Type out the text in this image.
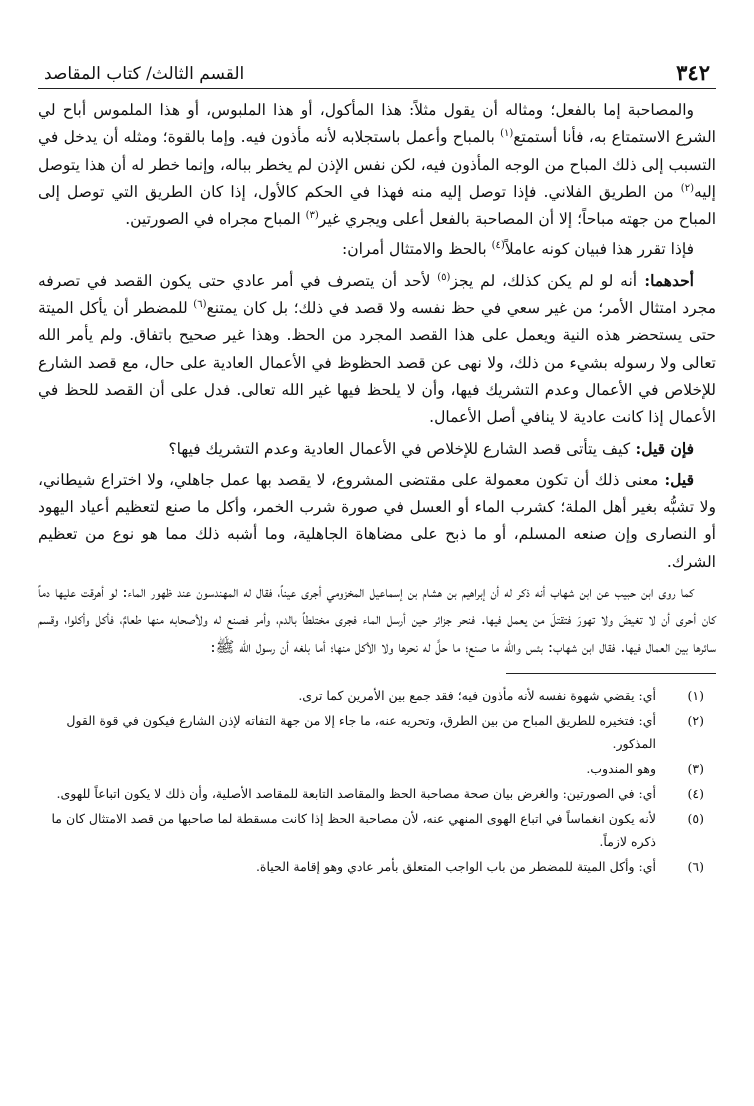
٣٤٢
القسم الثالث/ كتاب المقاصد

والمصاحبة إما بالفعل؛ ومثاله أن يقول مثلاً: هذا المأكول، أو هذا الملبوس، أو هذا الملموس أباح لي الشرع الاستمتاع به، فأنا أستمتع$^{(١)}$ بالمباح وأعمل باستجلابه لأنه مأذون فيه. وإما بالقوة؛ ومثله أن يدخل في التسبب إلى ذلك المباح من الوجه المأذون فيه، لكن نفس الإذن لم يخطر بباله، وإنما خطر له أن هذا يتوصل إليه$^{(٢)}$ من الطريق الفلاني. فإذا توصل إليه منه فهذا في الحكم كالأول، إذا كان الطريق التي توصل إلى المباح من جهته مباحاً؛ إلا أن المصاحبة بالفعل أعلى ويجري غير$^{(٣)}$ المباح مجراه في الصورتين.

فإذا تقرر هذا فبيان كونه عاملاً$^{(٤)}$ بالحظ والامتثال أمران:

أحدهما: أنه لو لم يكن كذلك، لم يجز$^{(٥)}$ لأحد أن يتصرف في أمر عادي حتى يكون القصد في تصرفه مجرد امتثال الأمر؛ من غير سعي في حظ نفسه ولا قصد في ذلك؛ بل كان يمتنع$^{(٦)}$ للمضطر أن يأكل الميتة حتى يستحضر هذه النية ويعمل على هذا القصد المجرد من الحظ. وهذا غير صحيح باتفاق. ولم يأمر الله تعالى ولا رسوله بشيء من ذلك، ولا نهى عن قصد الحظوظ في الأعمال العادية على حال، مع قصد الشارع للإخلاص في الأعمال وعدم التشريك فيها، وأن لا يلحظ فيها غير الله تعالى. فدل على أن القصد للحظ في الأعمال إذا كانت عادية لا ينافي أصل الأعمال.

فإن قيل: كيف يتأتى قصد الشارع للإخلاص في الأعمال العادية وعدم التشريك فيها؟

قيل: معنى ذلك أن تكون معمولة على مقتضى المشروع، لا يقصد بها عمل جاهلي، ولا اختراع شيطاني، ولا تشبُّه بغير أهل الملة؛ كشرب الماء أو العسل في صورة شرب الخمر، وأكل ما صنع لتعظيم أعياد اليهود أو النصارى وإن صنعه المسلم، أو ما ذبح على مضاهاة الجاهلية، وما أشبه ذلك مما هو نوع من تعظيم الشرك.

كما روى ابن حبيب عن ابن شهاب أنه ذكر له أن إبراهيم بن هشام بن إسماعيل المخزومي أجرى عيناً، فقال له المهندسون عند ظهور الماء: لو أهرقت عليها دماً كان أحرى أن لا تغيضَ ولا تهورَ فتقتلَ من يعمل فيها. فنحر جزائر حين أرسل الماء فجرى مختلطاً بالدم، وأمر فصنع له ولأصحابه منها طعامٌ، فأكل وأكلوا، وقسم سائرها بين العمال فيها. فقال ابن شهاب: بئس والله ما صنع؛ ما حلَّ له نحرها ولا الأكل منها؛ أما بلغه أن رسول الله ﷺ:

(١)
أي: يقضي شهوة نفسه لأنه مأذون فيه؛ فقد جمع بين الأمرين كما ترى.
(٢)
أي: فتخيره للطريق المباح من بين الطرق، وتحريه عنه، ما جاء إلا من جهة التفاته لإذن الشارع فيكون في قوة القول المذكور.
(٣)
وهو المندوب.
(٤)
أي: في الصورتين: والغرض بيان صحة مصاحبة الحظ والمقاصد التابعة للمقاصد الأصلية، وأن ذلك لا يكون اتباعاً للهوى.
(٥)
لأنه يكون انغماساً في اتباع الهوى المنهي عنه، لأن مصاحبة الحظ إذا كانت مسقطة لما صاحبها من قصد الامتثال كان ما ذكره لازماً.
(٦)
أي: وأكل الميتة للمضطر من باب الواجب المتعلق بأمر عادي وهو إقامة الحياة.
